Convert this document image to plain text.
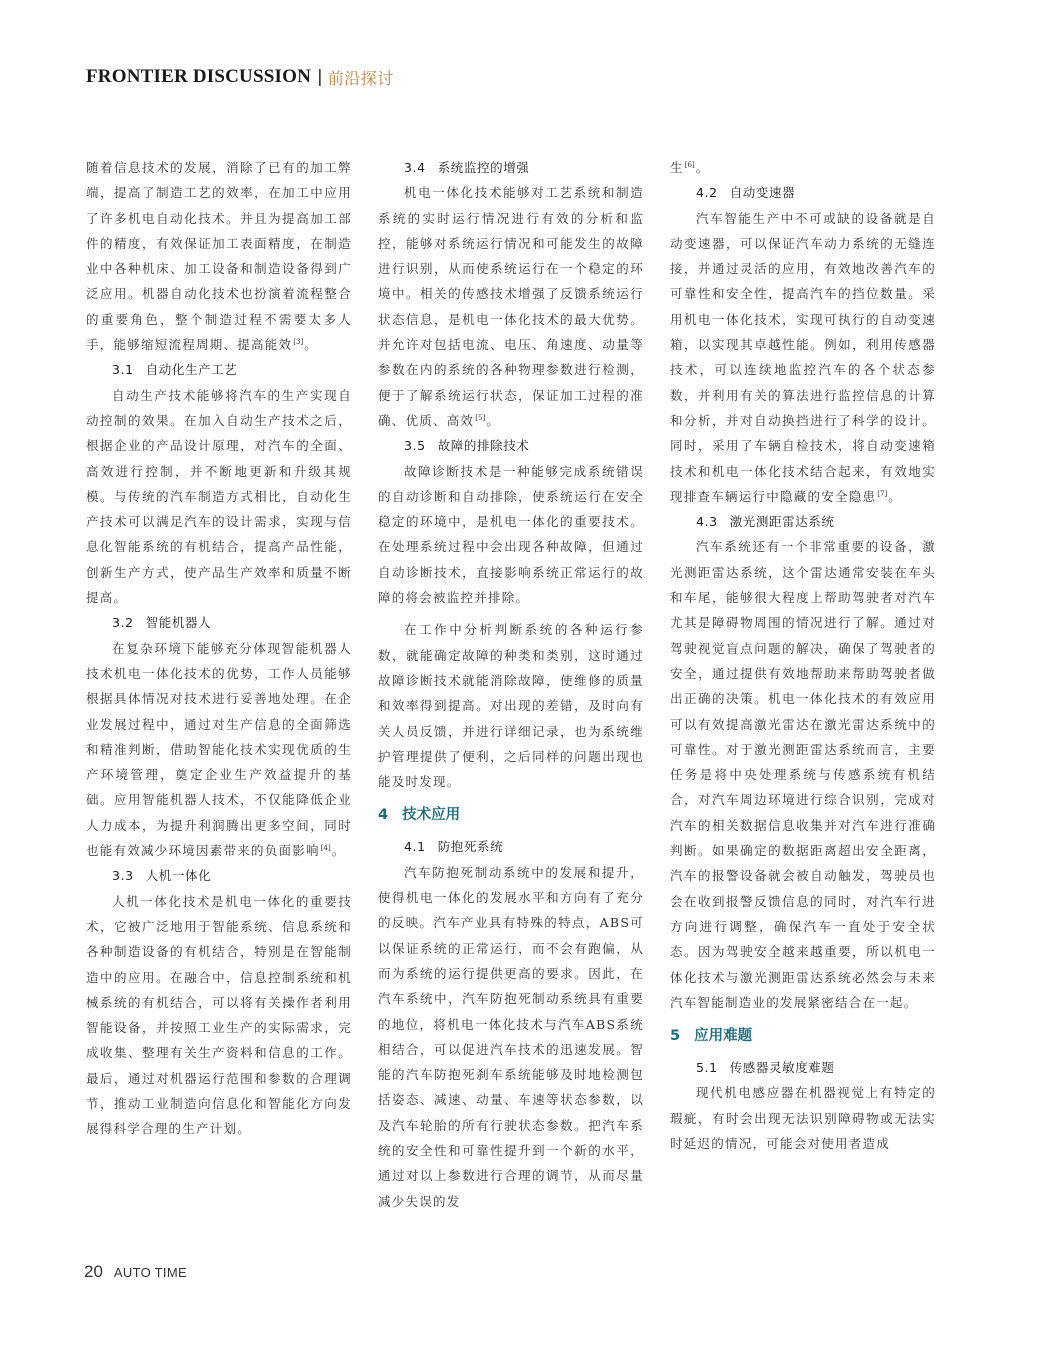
FRONTIER DISCUSSION | 前沿探讨

随着信息技术的发展，消除了已有的加工弊端，提高了制造工艺的效率，在加工中应用了许多机电自动化技术。并且为提高加工部件的精度，有效保证加工表面精度，在制造业中各种机床、加工设备和制造设备得到广泛应用。机器自动化技术也扮演着流程整合的重要角色，整个制造过程不需要太多人手，能够缩短流程周期、提高能效[3]。

3.1 自动化生产工艺

自动生产技术能够将汽车的生产实现自动控制的效果。在加入自动生产技术之后，根据企业的产品设计原理，对汽车的全面、高效进行控制，并不断地更新和升级其规模。与传统的汽车制造方式相比，自动化生产技术可以满足汽车的设计需求，实现与信息化智能系统的有机结合，提高产品性能，创新生产方式，使产品生产效率和质量不断提高。

3.2 智能机器人

在复杂环境下能够充分体现智能机器人技术机电一体化技术的优势，工作人员能够根据具体情况对技术进行妥善地处理。在企业发展过程中，通过对生产信息的全面筛选和精准判断，借助智能化技术实现优质的生产环境管理，奠定企业生产效益提升的基础。应用智能机器人技术，不仅能降低企业人力成本，为提升利润腾出更多空间，同时也能有效减少环境因素带来的负面影响[4]。

3.3 人机一体化

人机一体化技术是机电一体化的重要技术，它被广泛地用于智能系统、信息系统和各种制造设备的有机结合，特别是在智能制造中的应用。在融合中，信息控制系统和机械系统的有机结合，可以将有关操作者利用智能设备，并按照工业生产的实际需求，完成收集、整理有关生产资料和信息的工作。最后，通过对机器运行范围和参数的合理调节，推动工业制造向信息化和智能化方向发展得科学合理的生产计划。

3.4 系统监控的增强

机电一体化技术能够对工艺系统和制造系统的实时运行情况进行有效的分析和监控，能够对系统运行情况和可能发生的故障进行识别，从而使系统运行在一个稳定的环境中。相关的传感技术增强了反馈系统运行状态信息，是机电一体化技术的最大优势。并允许对包括电流、电压、角速度、动量等参数在内的系统的各种物理参数进行检测，便于了解系统运行状态，保证加工过程的准确、优质、高效[5]。

3.5 故障的排除技术

故障诊断技术是一种能够完成系统错误的自动诊断和自动排除，使系统运行在安全稳定的环境中，是机电一体化的重要技术。在处理系统过程中会出现各种故障，但通过自动诊断技术，直接影响系统正常运行的故障的将会被监控并排除。

在工作中分析判断系统的各种运行参数，就能确定故障的种类和类别，这时通过故障诊断技术就能消除故障，使维修的质量和效率得到提高。对出现的差错，及时向有关人员反馈，并进行详细记录，也为系统维护管理提供了便利，之后同样的问题出现也能及时发现。

4 技术应用
4.1 防抱死系统

汽车防抱死制动系统中的发展和提升，使得机电一体化的发展水平和方向有了充分的反映。汽车产业具有特殊的特点，ABS可以保证系统的正常运行，而不会有跑偏，从而为系统的运行提供更高的要求。因此，在汽车系统中，汽车防抱死制动系统具有重要的地位，将机电一体化技术与汽车ABS系统相结合，可以促进汽车技术的迅速发展。智能的汽车防抱死刹车系统能够及时地检测包括姿态、减速、动量、车速等状态参数，以及汽车轮胎的所有行驶状态参数。把汽车系统的安全性和可靠性提升到一个新的水平，通过对以上参数进行合理的调节，从而尽量减少失误的发

生[6]。

4.2 自动变速器

汽车智能生产中不可或缺的设备就是自动变速器，可以保证汽车动力系统的无缝连接，并通过灵活的应用，有效地改善汽车的可靠性和安全性，提高汽车的挡位数量。采用机电一体化技术，实现可执行的自动变速箱，以实现其卓越性能。例如，利用传感器技术，可以连续地监控汽车的各个状态参数，并利用有关的算法进行监控信息的计算和分析，并对自动换挡进行了科学的设计。同时，采用了车辆自检技术，将自动变速箱技术和机电一体化技术结合起来，有效地实现排查车辆运行中隐藏的安全隐患[7]。

4.3 激光测距雷达系统

汽车系统还有一个非常重要的设备，激光测距雷达系统，这个雷达通常安装在车头和车尾，能够很大程度上帮助驾驶者对汽车尤其是障碍物周围的情况进行了解。通过对驾驶视觉盲点问题的解决，确保了驾驶者的安全，通过提供有效地帮助来帮助驾驶者做出正确的决策。机电一体化技术的有效应用可以有效提高激光雷达在激光雷达系统中的可靠性。对于激光测距雷达系统而言，主要任务是将中央处理系统与传感系统有机结合，对汽车周边环境进行综合识别，完成对汽车的相关数据信息收集并对汽车进行准确判断。如果确定的数据距离超出安全距离，汽车的报警设备就会被自动触发，驾驶员也会在收到报警反馈信息的同时，对汽车行进方向进行调整，确保汽车一直处于安全状态。因为驾驶安全越来越重要，所以机电一体化技术与激光测距雷达系统必然会与未来汽车智能制造业的发展紧密结合在一起。

5 应用难题
5.1 传感器灵敏度难题

现代机电感应器在机器视觉上有特定的瑕疵，有时会出现无法识别障碍物或无法实时延迟的情况，可能会对使用者造成

20 AUTO TIME
